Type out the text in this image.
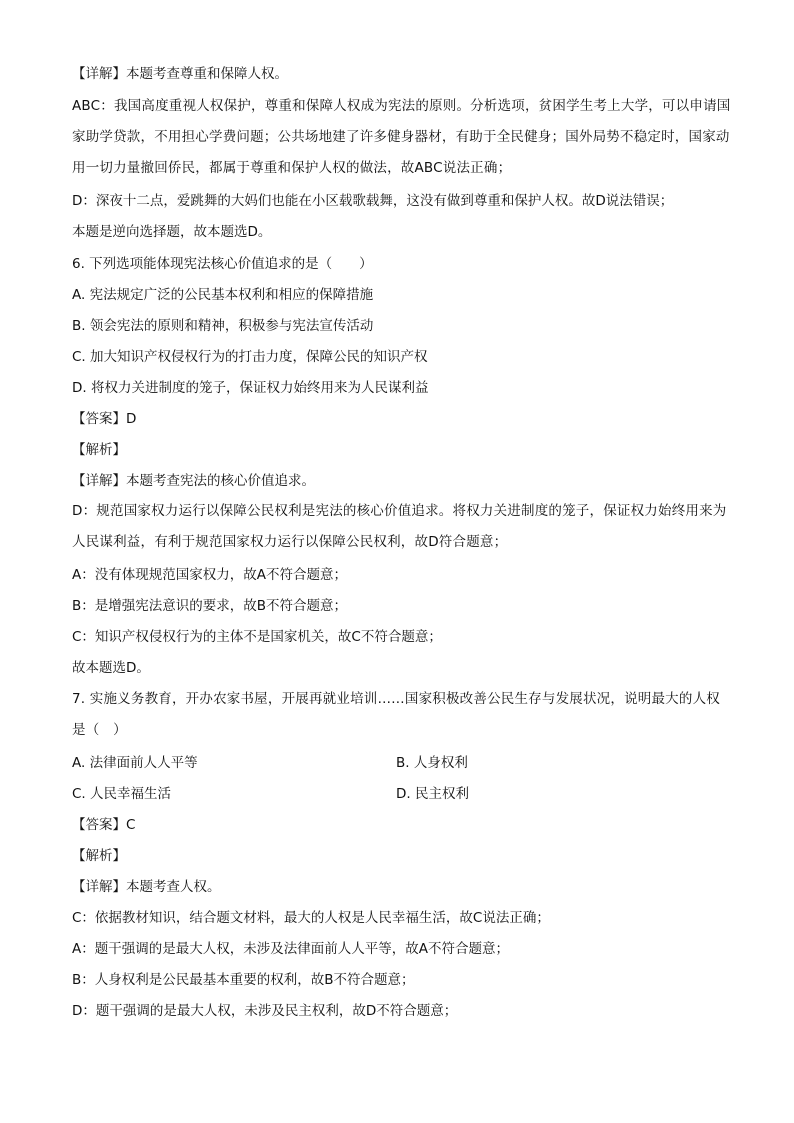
【详解】本题考查尊重和保障人权。
ABC：我国高度重视人权保护，尊重和保障人权成为宪法的原则。分析选项，贫困学生考上大学，可以申请国家助学贷款，不用担心学费问题；公共场地建了许多健身器材，有助于全民健身；国外局势不稳定时，国家动用一切力量撤回侨民，都属于尊重和保护人权的做法，故ABC说法正确；
D：深夜十二点，爱跳舞的大妈们也能在小区载歌载舞，这没有做到尊重和保护人权。故D说法错误；
本题是逆向选择题，故本题选D。
6. 下列选项能体现宪法核心价值追求的是（　　）
A. 宪法规定广泛的公民基本权利和相应的保障措施
B. 领会宪法的原则和精神，积极参与宪法宣传活动
C. 加大知识产权侵权行为的打击力度，保障公民的知识产权
D. 将权力关进制度的笼子，保证权力始终用来为人民谋利益
【答案】D
【解析】
【详解】本题考查宪法的核心价值追求。
D：规范国家权力运行以保障公民权利是宪法的核心价值追求。将权力关进制度的笼子，保证权力始终用来为人民谋利益，有利于规范国家权力运行以保障公民权利，故D符合题意；
A：没有体现规范国家权力，故A不符合题意；
B：是增强宪法意识的要求，故B不符合题意；
C：知识产权侵权行为的主体不是国家机关，故C不符合题意；
故本题选D。
7. 实施义务教育，开办农家书屋，开展再就业培训……国家积极改善公民生存与发展状况，说明最大的人权是（　）
A. 法律面前人人平等	B. 人身权利
C. 人民幸福生活	D. 民主权利
【答案】C
【解析】
【详解】本题考查人权。
C：依据教材知识，结合题文材料，最大的人权是人民幸福生活，故C说法正确；
A：题干强调的是最大人权，未涉及法律面前人人平等，故A不符合题意；
B：人身权利是公民最基本重要的权利，故B不符合题意；
D：题干强调的是最大人权，未涉及民主权利，故D不符合题意；
